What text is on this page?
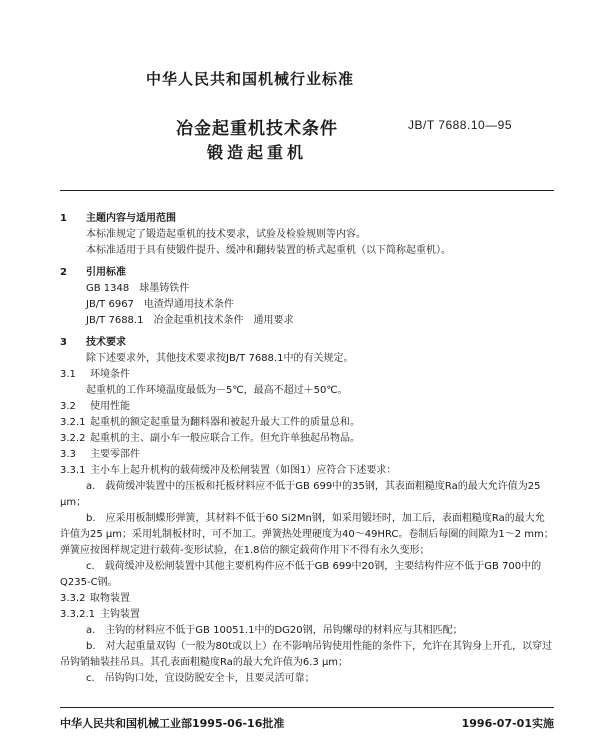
中华人民共和国机械行业标准
冶金起重机技术条件
锻造起重机
JB/T 7688.10—95
1 主题内容与适用范围
本标准规定了锻造起重机的技术要求，试验及检验规则等内容。
本标准适用于具有使锻件提升、缓冲和翻转装置的桥式起重机（以下简称起重机）。
2 引用标准
GB 1348　球墨铸铁件
JB/T 6967　电渣焊通用技术条件
JB/T 7688.1　冶金起重机技术条件　通用要求
3 技术要求
除下述要求外，其他技术要求按JB/T 7688.1中的有关规定。
3.1 环境条件
起重机的工作环境温度最低为－5℃，最高不超过＋50℃。
3.2 使用性能
3.2.1 起重机的额定起重量为翻料器和被起升最大工件的质量总和。
3.2.2 起重机的主、副小车一般应联合工作。但允许单独起吊物品。
3.3 主要零部件
3.3.1 主小车上起升机构的载荷缓冲及松闸装置（如图1）应符合下述要求：
a.　 载荷缓冲装置中的压板和托板材料应不低于GB 699中的35钢，其表面粗糙度Ra的最大允许值为25 μm；
b.　 应采用板制蝶形弹簧，其材料不低于60 Si2Mn钢，如采用锻坯时，加工后，表面粗糙度Ra的最大允许值为25 μm；采用轧制板材时，可不加工。弹簧热处理硬度为40～49HRC。卷制后每圈的间隙为1～2 mm；
弹簧应按图样规定进行载荷-变形试验，在1.8倍的额定载荷作用下不得有永久变形；
c.　 载荷缓冲及松闸装置中其他主要机构件应不低于GB 699中20钢，主要结构件应不低于GB 700中的Q235-C钢。
3.3.2 取物装置
3.3.2.1 主钩装置
a.　 主钩的材料应不低于GB 10051.1中的DG20钢，吊钩螺母的材料应与其相匹配；
b.　 对大起重量双钩（一般为80t或以上）在不影响吊钩使用性能的条件下，允许在其钩身上开孔，以穿过吊钩销轴装挂吊具。其孔表面粗糙度Ra的最大允许值为6.3 μm；
c.　 吊钩钩口处，宜设防脱安全卡，且要灵活可靠；
中华人民共和国机械工业部1995-06-16批准	1996-07-01实施
